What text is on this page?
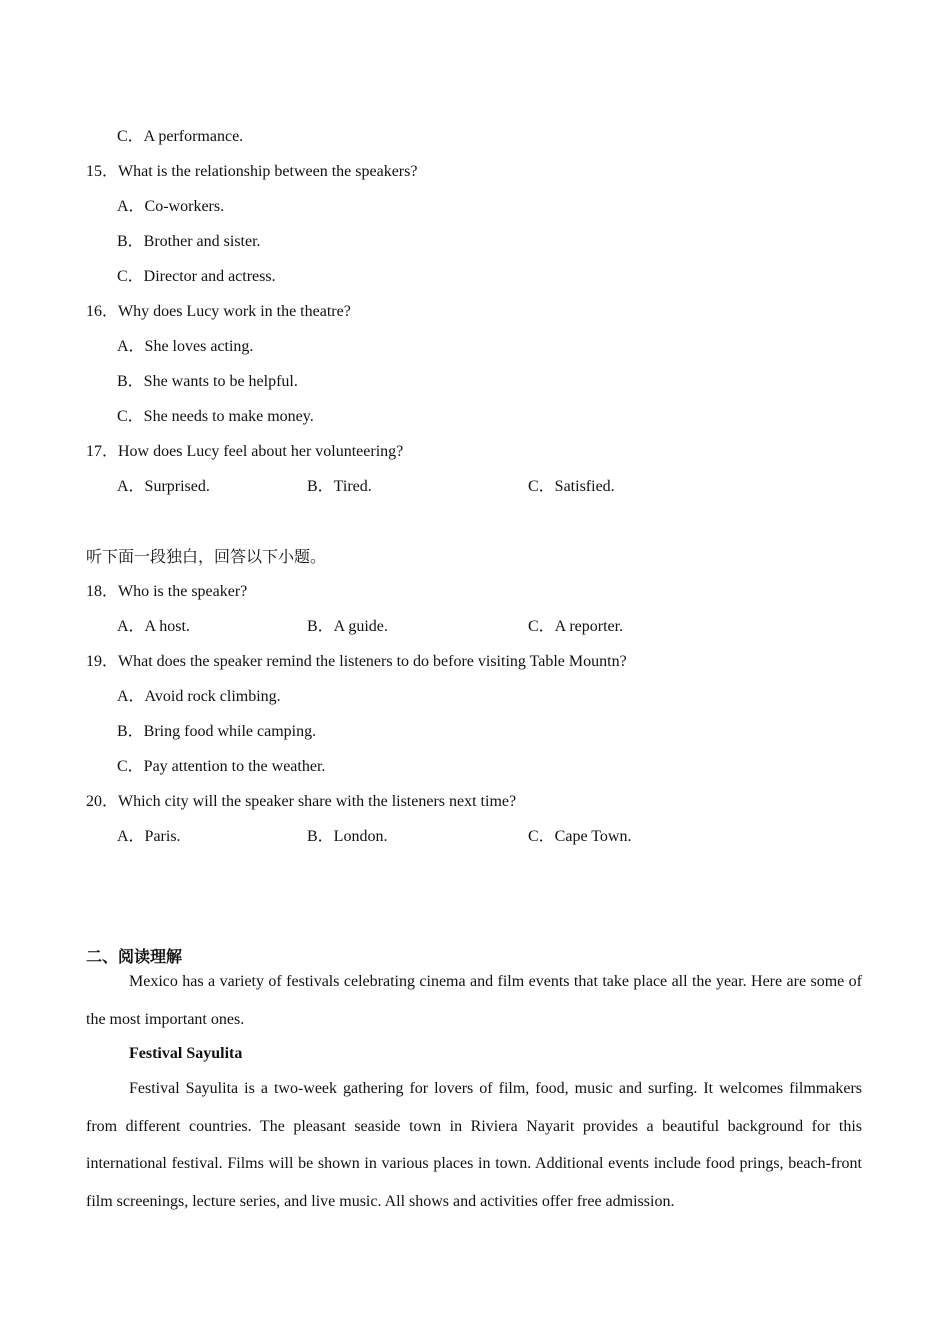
C．A performance.
15．What is the relationship between the speakers?
A．Co-workers.
B．Brother and sister.
C．Director and actress.
16．Why does Lucy work in the theatre?
A．She loves acting.
B．She wants to be helpful.
C．She needs to make money.
17．How does Lucy feel about her volunteering?
A．Surprised.	B．Tired.	C．Satisfied.
听下面一段独白，回答以下小题。
18．Who is the speaker?
A．A host.	B．A guide.	C．A reporter.
19．What does the speaker remind the listeners to do before visiting Table Mountn?
A．Avoid rock climbing.
B．Bring food while camping.
C．Pay attention to the weather.
20．Which city will the speaker share with the listeners next time?
A．Paris.	B．London.	C．Cape Town.
二、阅读理解

Mexico has a variety of festivals celebrating cinema and film events that take place all the year. Here are some of the most important ones.

Festival Sayulita

Festival Sayulita is a two-week gathering for lovers of film, food, music and surfing. It welcomes filmmakers from different countries. The pleasant seaside town in Riviera Nayarit provides a beautiful background for this international festival. Films will be shown in various places in town. Additional events include food prings, beach-front film screenings, lecture series, and live music. All shows and activities offer free admission.
